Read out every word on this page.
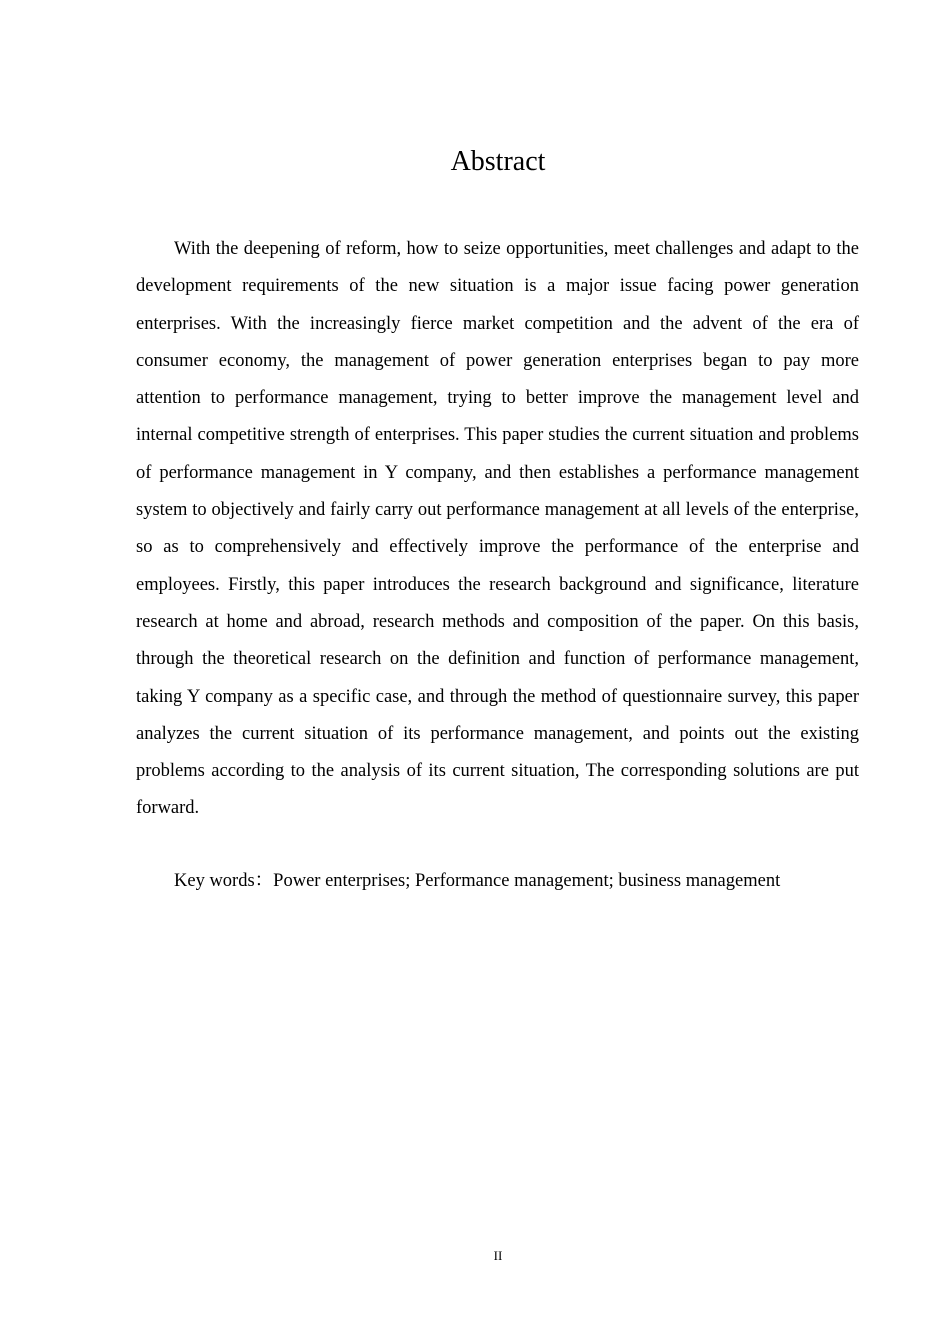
Abstract

With the deepening of reform, how to seize opportunities, meet challenges and adapt to the development requirements of the new situation is a major issue facing power generation enterprises. With the increasingly fierce market competition and the advent of the era of consumer economy, the management of power generation enterprises began to pay more attention to performance management, trying to better improve the management level and internal competitive strength of enterprises. This paper studies the current situation and problems of performance management in Y company, and then establishes a performance management system to objectively and fairly carry out performance management at all levels of the enterprise, so as to comprehensively and effectively improve the performance of the enterprise and employees. Firstly, this paper introduces the research background and significance, literature research at home and abroad, research methods and composition of the paper. On this basis, through the theoretical research on the definition and function of performance management, taking Y company as a specific case, and through the method of questionnaire survey, this paper analyzes the current situation of its performance management, and points out the existing problems according to the analysis of its current situation, The corresponding solutions are put forward.

Key words：Power enterprises; Performance management; business management

II
